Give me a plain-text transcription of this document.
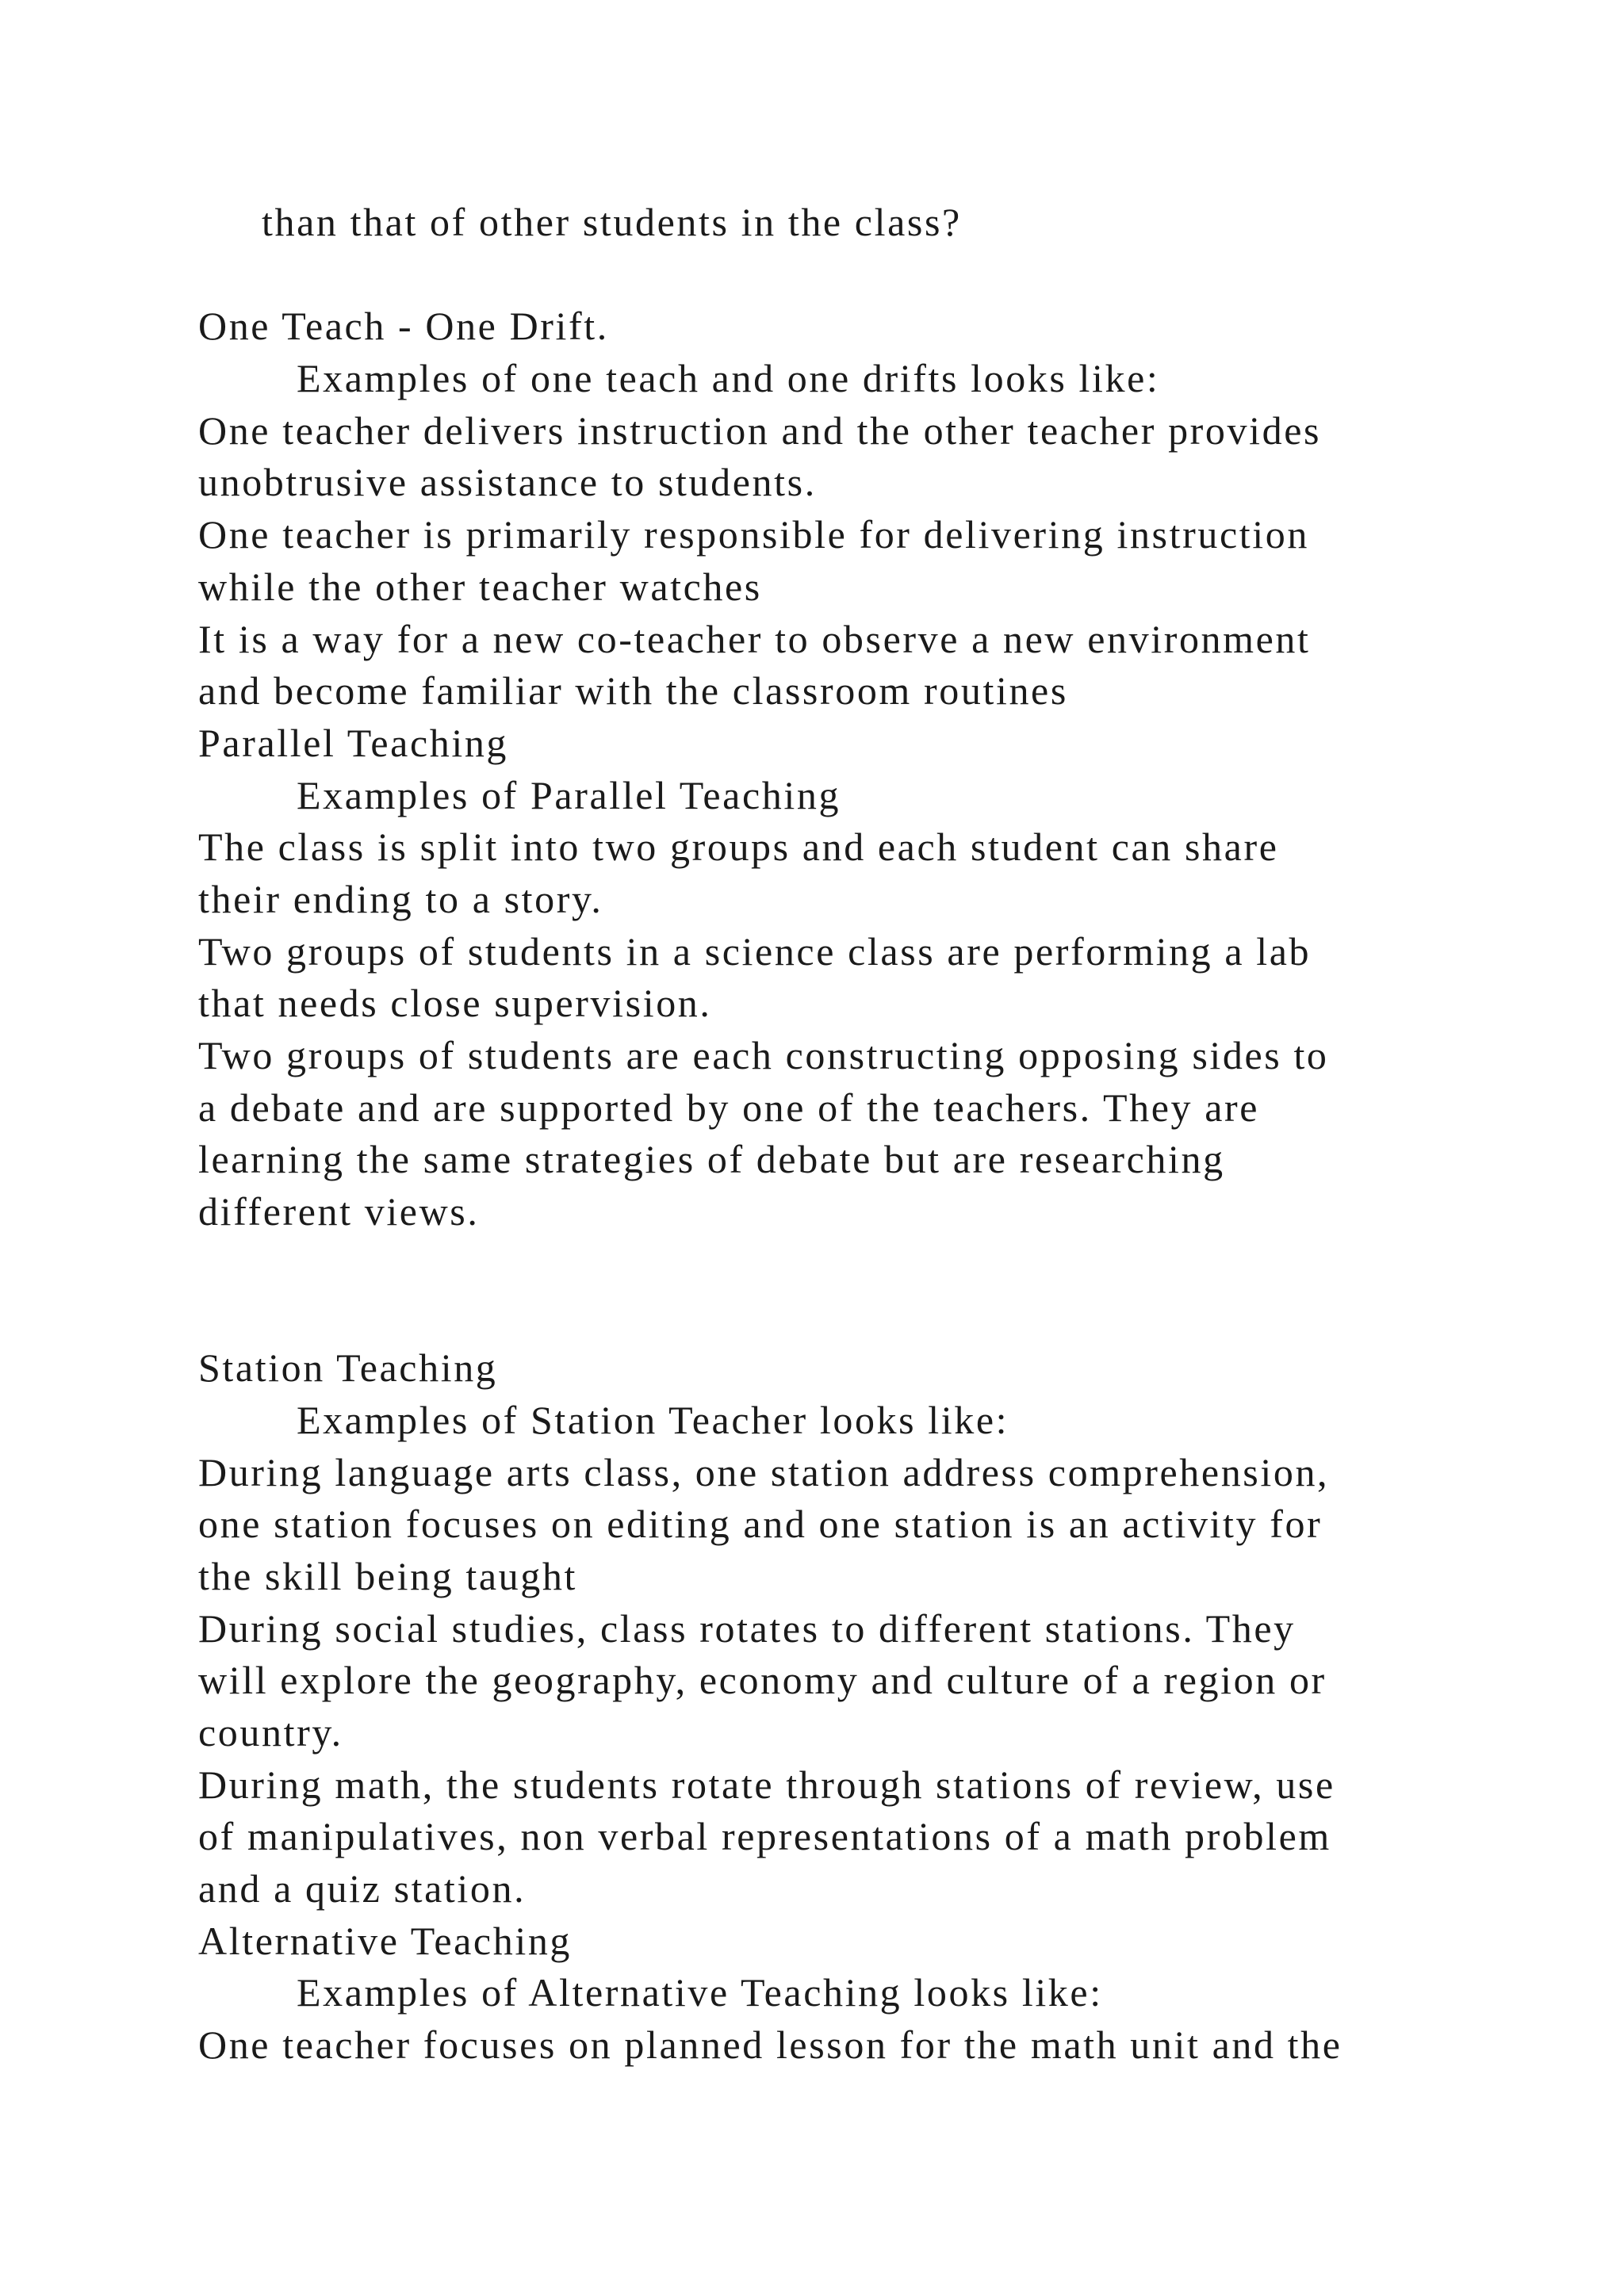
than that of other students in the class?
One Teach - One Drift.
Examples of one teach and one drifts looks like:
One teacher delivers instruction and the other teacher provides
unobtrusive assistance to students.
One teacher is primarily responsible for delivering instruction
while the other teacher watches
It is a way for a new co-teacher to observe a new environment
and become familiar with the classroom routines
Parallel Teaching
Examples of Parallel Teaching
The class is split into two groups and each student can share
their ending to a story.
Two groups of students in a science class are performing a lab
that needs close supervision.
Two groups of students are each constructing opposing sides to
a debate and are supported by one of the teachers. They are
learning the same strategies of debate but are researching
different views.
Station Teaching
Examples of Station Teacher looks like:
During language arts class, one station address comprehension,
one station focuses on editing and one station is an activity for
the skill being taught
During social studies, class rotates to different stations. They
will explore the geography, economy and culture of a region or
country.
During math, the students rotate through stations of review, use
of manipulatives, non verbal representations of a math problem
and a quiz station.
Alternative Teaching
Examples of Alternative Teaching looks like:
One teacher focuses on planned lesson for the math unit and the
